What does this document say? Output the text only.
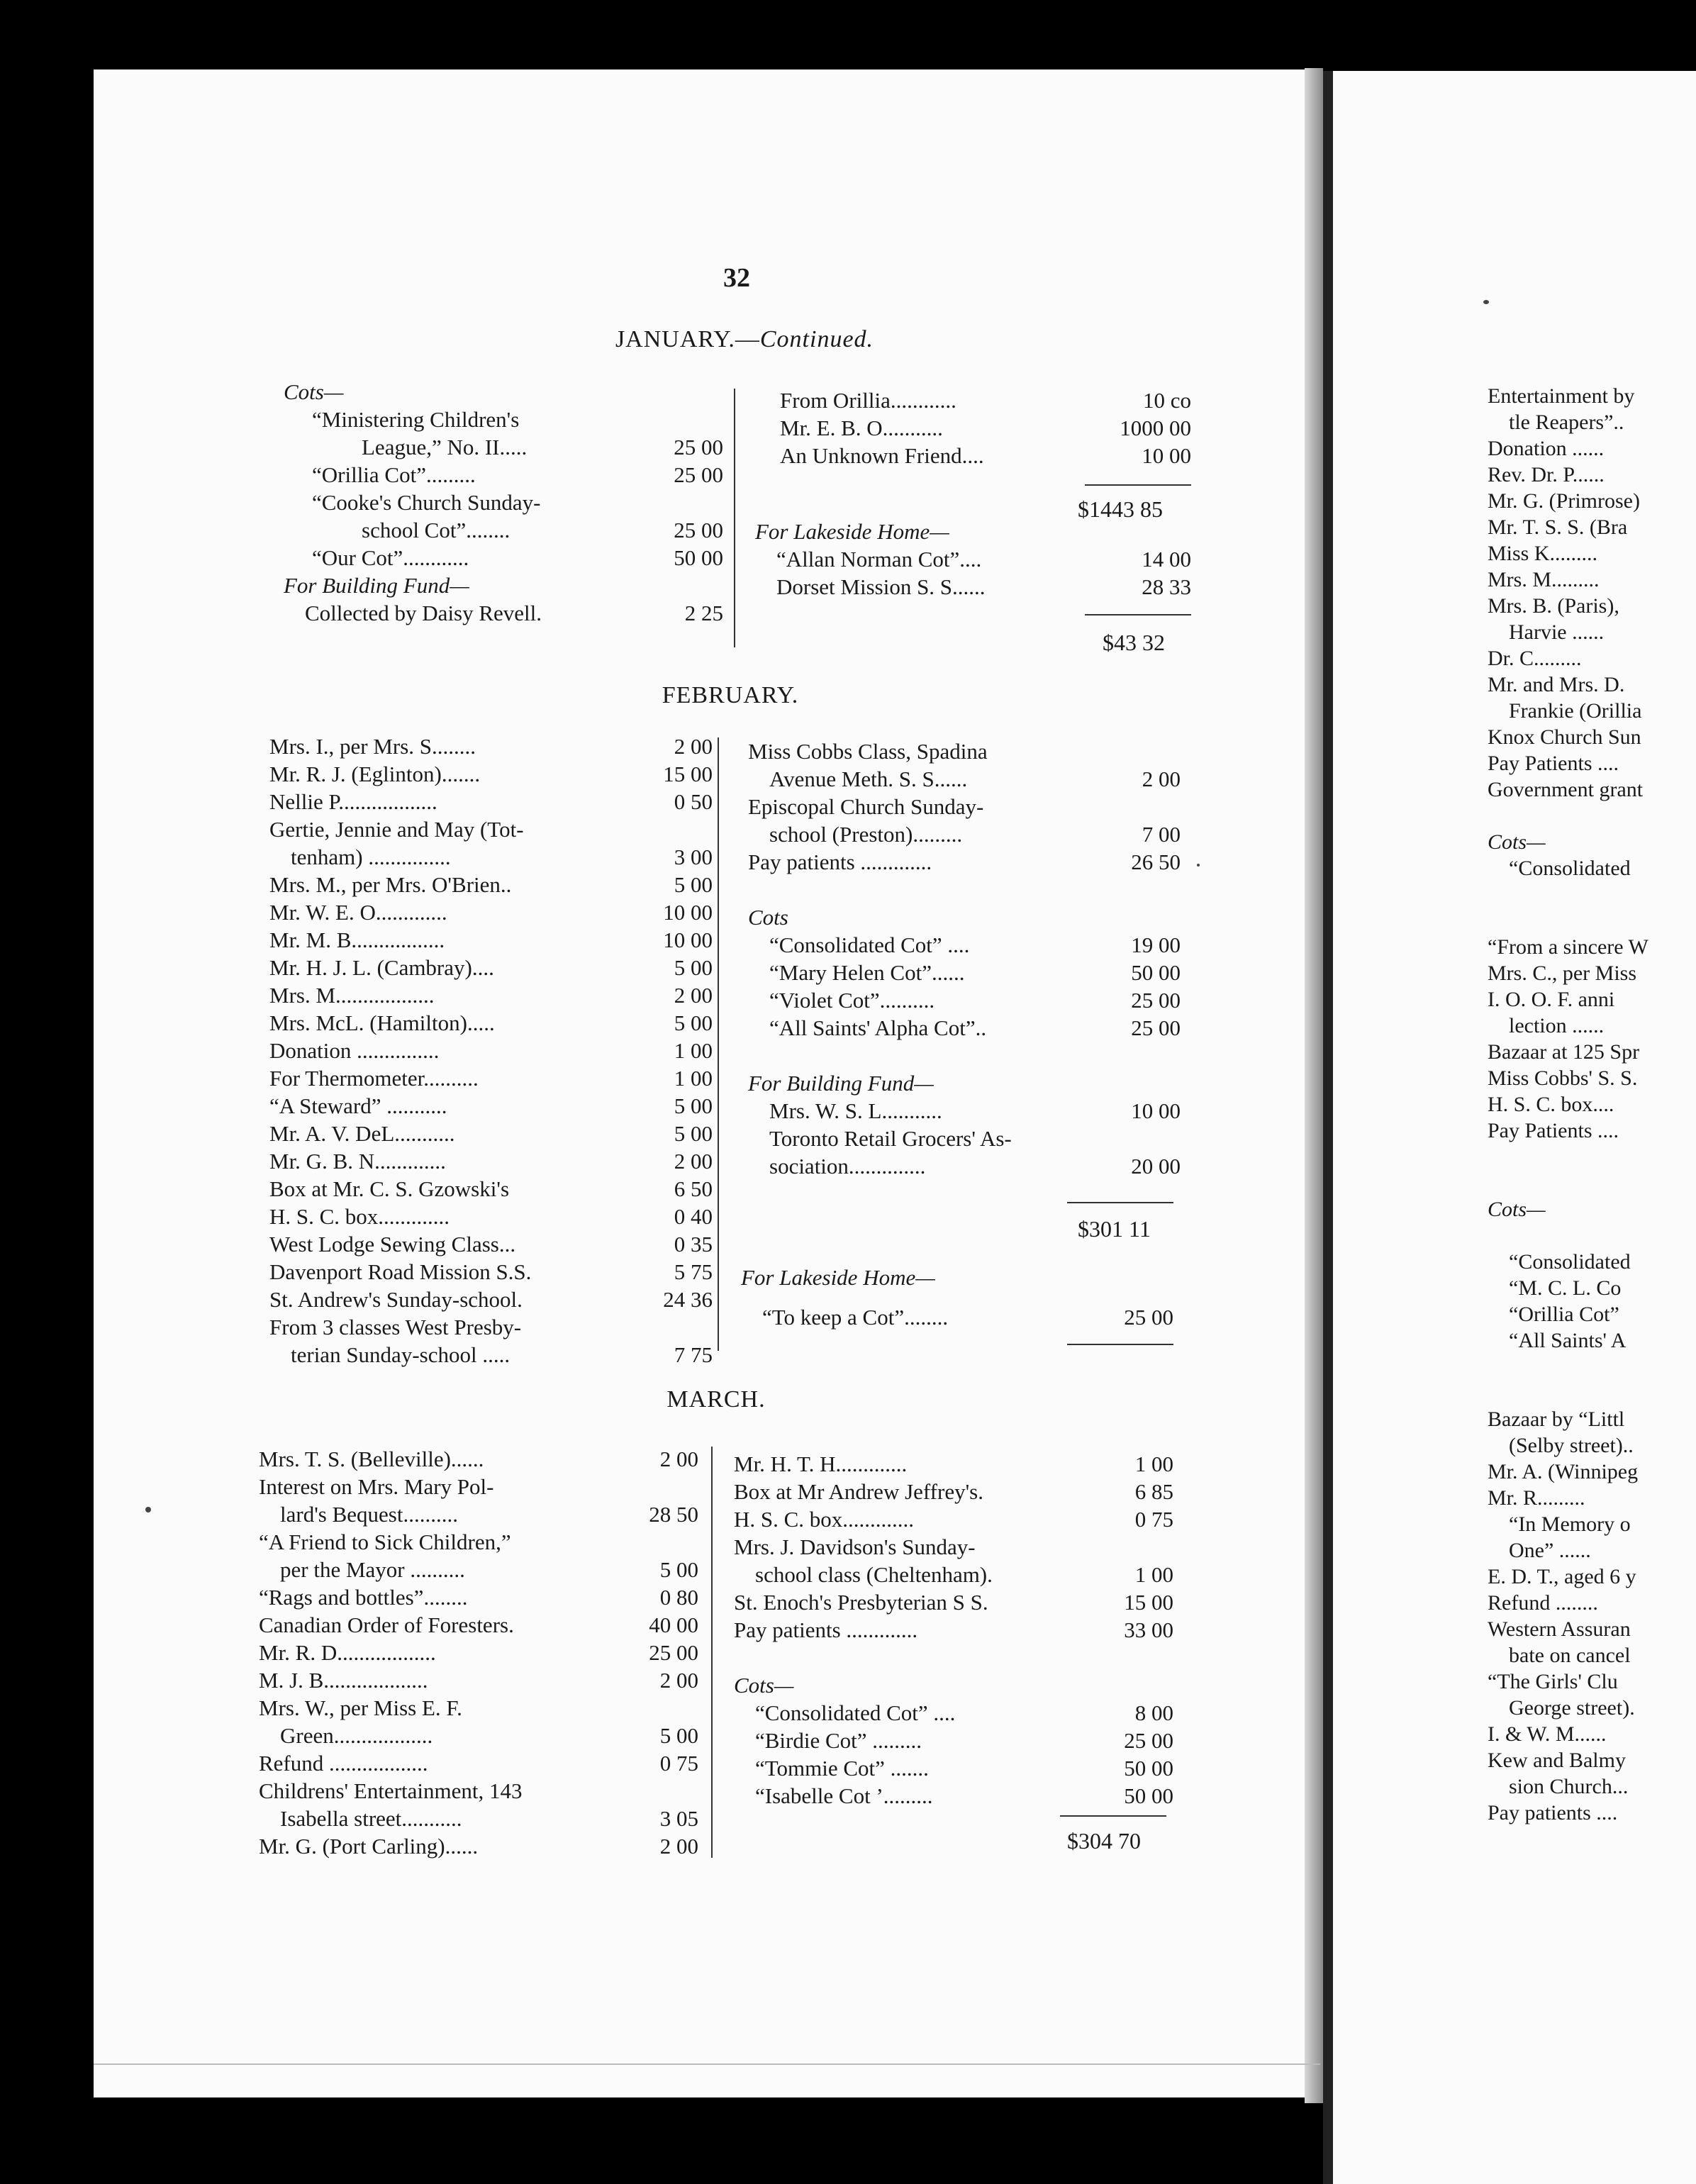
32
JANUARY.—Continued.
Cots—
“Ministering Children's
League,” No. II.....	25 00
“Orillia Cot”.........	25 00
“Cooke's Church Sunday-
school Cot”........	25 00
“Our Cot”............	50 00
For Building Fund—
Collected by Daisy Revell.	2 25
From Orillia............	10 co
Mr. E. B. O...........	1000 00
An Unknown Friend....	10 00
$1443 85
For Lakeside Home—
“Allan Norman Cot”....	14 00
Dorset Mission S. S......	28 33
$43 32
FEBRUARY.
Mrs. I., per Mrs. S........	2 00
Mr. R. J. (Eglinton).......	15 00
Nellie P..................	0 50
Gertie, Jennie and May (Tot-
tenham) ...............	3 00
Mrs. M., per Mrs. O'Brien..	5 00
Mr. W. E. O.............	10 00
Mr. M. B.................	10 00
Mr. H. J. L. (Cambray)....	5 00
Mrs. M..................	2 00
Mrs. McL. (Hamilton).....	5 00
Donation ...............	1 00
For Thermometer..........	1 00
“A Steward” ...........	5 00
Mr. A. V. DeL...........	5 00
Mr. G. B. N.............	2 00
Box at Mr. C. S. Gzowski's	6 50
H. S. C. box.............	0 40
West Lodge Sewing Class...	0 35
Davenport Road Mission S.S.	5 75
St. Andrew's Sunday-school.	24 36
From 3 classes West Presby-
terian Sunday-school .....	7 75
Miss Cobbs Class, Spadina
Avenue Meth. S. S......	2 00
Episcopal Church Sunday-
school (Preston).........	7 00
Pay patients .............	26 50
Cots
“Consolidated Cot” ....	19 00
“Mary Helen Cot”......	50 00
“Violet Cot”..........	25 00
“All Saints' Alpha Cot”..	25 00
For Building Fund—
Mrs. W. S. L...........	10 00
Toronto Retail Grocers' As-
sociation..............	20 00
$301 11
For Lakeside Home—
“To keep a Cot”........	25 00
MARCH.
Mrs. T. S. (Belleville)......	2 00
Interest on Mrs. Mary Pol-
lard's Bequest..........	28 50
“A Friend to Sick Children,”
per the Mayor ..........	5 00
“Rags and bottles”........	0 80
Canadian Order of Foresters.	40 00
Mr. R. D..................	25 00
M. J. B...................	2 00
Mrs. W., per Miss E. F.
Green..................	5 00
Refund ..................	0 75
Childrens' Entertainment, 143
Isabella street...........	3 05
Mr. G. (Port Carling)......	2 00
Mr. H. T. H.............	1 00
Box at Mr Andrew Jeffrey's.	6 85
H. S. C. box.............	0 75
Mrs. J. Davidson's Sunday-
school class (Cheltenham).	1 00
St. Enoch's Presbyterian S S.	15 00
Pay patients .............	33 00
Cots—
“Consolidated Cot” ....	8 00
“Birdie Cot” .........	25 00
“Tommie Cot” .......	50 00
“Isabelle Cot ’.........	50 00
$304 70
Entertainment by
tle Reapers”..
Donation ......
Rev. Dr. P......
Mr. G. (Primrose)
Mr. T. S. S. (Bra
Miss K.........
Mrs. M.........
Mrs. B. (Paris),
Harvie ......
Dr. C.........
Mr. and Mrs. D.
Frankie (Orillia
Knox Church Sun
Pay Patients ....
Government grant
Cots—
“Consolidated
“From a sincere W
Mrs. C., per Miss
I. O. O. F. anni
lection ......
Bazaar at 125 Spr
Miss Cobbs' S. S.
H. S. C. box....
Pay Patients ....
Cots—
“Consolidated
“M. C. L. Co
“Orillia Cot”
“All Saints' A
Bazaar by “Littl
(Selby street)..
Mr. A. (Winnipeg
Mr. R.........
“In Memory o
One” ......
E. D. T., aged 6 y
Refund ........
Western Assuran
bate on cancel
“The Girls' Clu
George street).
I. & W. M......
Kew and Balmy
sion Church...
Pay patients ....
